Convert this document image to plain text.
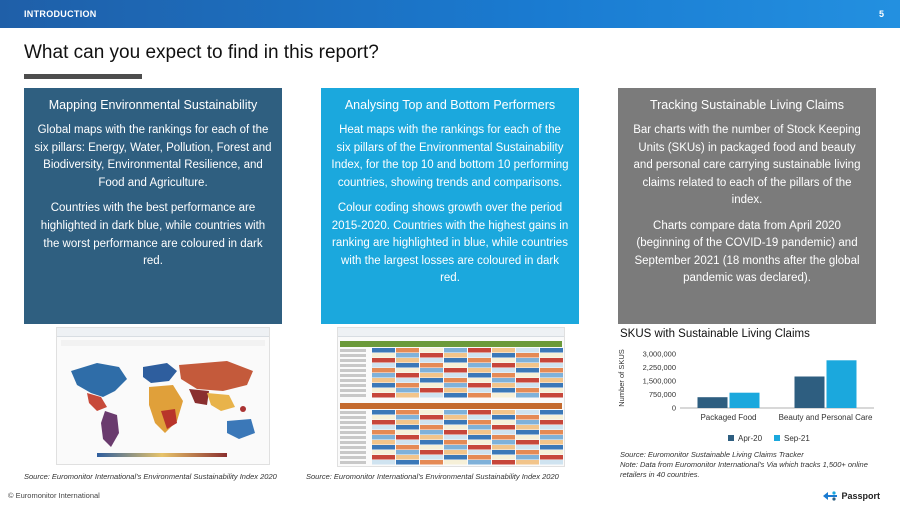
INTRODUCTION	5
What can you expect to find in this report?
Mapping Environmental Sustainability

Global maps with the rankings for each of the six pillars: Energy, Water, Pollution, Forest and Biodiversity, Environmental Resilience, and Food and Agriculture.

Countries with the best performance are highlighted in dark blue, while countries with the worst performance are coloured in dark red.

Analysing Top and Bottom Performers

Heat maps with the rankings for each of the six pillars of the Environmental Sustainability Index, for the top 10 and bottom 10 performing countries, showing trends and comparisons.

Colour coding shows growth over the period 2015-2020. Countries with the highest gains in ranking are highlighted in blue, while countries with the largest losses are coloured in dark red.

Tracking Sustainable Living Claims

Bar charts with the number of Stock Keeping Units (SKUs) in packaged food and beauty and personal care carrying sustainable living claims related to each of the pillars of the index.

Charts compare data from April 2020 (beginning of the COVID-19 pandemic) and September 2021 (18 months after the global pandemic was declared).

Source: Euromonitor International's Environmental Sustainability Index 2020	Source: Euromonitor International's Environmental Sustainability Index 2020
SKUS with Sustainable Living Claims
Number of SKUS
0
750,000
1,500,000
2,250,000
3,000,000
Packaged Food	Beauty and Personal Care
Apr-20	Sep-21
Source: Euromonitor Sustainable Living Claims Tracker
Note: Data from Euromonitor International's Via which tracks 1,500+ online retailers in 40 countries.
© Euromonitor International	Passport
